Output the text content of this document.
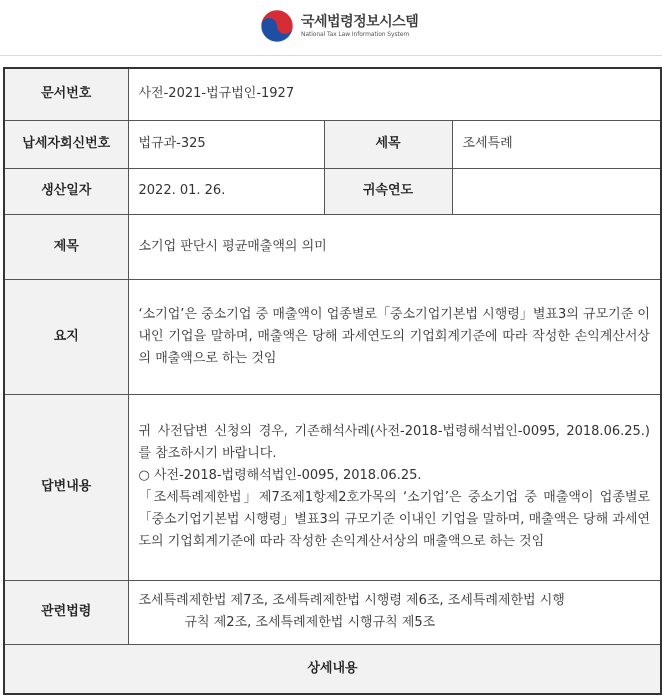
국세법령정보시스템
National Tax Law Information System
문서번호	사전-2021-법규법인-1927		
납세자회신번호	법규과-325	세목	조세특례
생산일자	2022. 01. 26.	귀속연도	
제목	소기업 판단시 평균매출액의 의미		
요지	‘소기업’은 중소기업 중 매출액이 업종별로「중소기업기본법 시행령」별표3의 규모기준 이내인 기업을 말하며, 매출액은 당해 과세연도의 기업회계기준에 따라 작성한 손익계산서상의 매출액으로 하는 것임		
답변내용	귀 사전답변 신청의 경우, 기존해석사례(사전-2018-법령해석법인-0095, 2018.06.25.)를 참조하시기 바랍니다.
○ 사전-2018-법령해석법인-0095, 2018.06.25.
「조세특례제한법」제7조제1항제2호가목의 ‘소기업’은 중소기업 중 매출액이 업종별로「중소기업기본법 시행령」별표3의 규모기준 이내인 기업을 말하며, 매출액은 당해 과세연도의 기업회계기준에 따라 작성한 손익계산서상의 매출액으로 하는 것임		

관련법령	조세특례제한법 제7조, 조세특례제한법 시행령 제6조, 조세특례제한법 시행
규칙 제2조, 조세특례제한법 시행규칙 제5조		

상세내용			
